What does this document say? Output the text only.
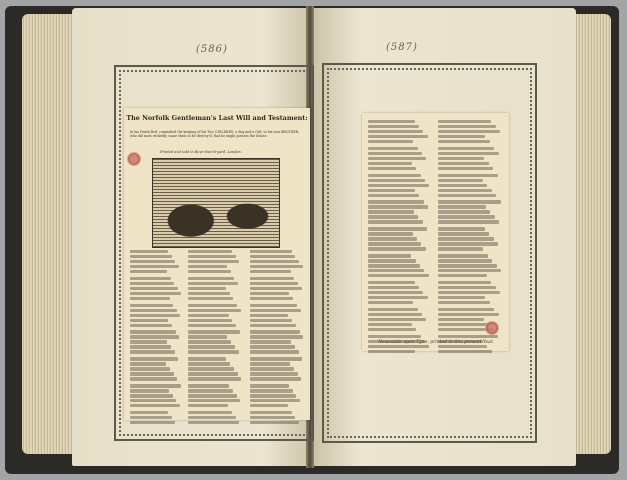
(586)	(587)
The Norfolk Gentleman's Last Will and Testament:
In his Death Bed, committed the keeping of his Two CHILDREN, a Boy and a Girl, to his own BROTHER, who did most wickedly cause them to be destroy'd, that he might possess the Estate.
Printed and sold in Bow-church-yard, London.
Newcastle upon Tyne: printed in this present Year.
